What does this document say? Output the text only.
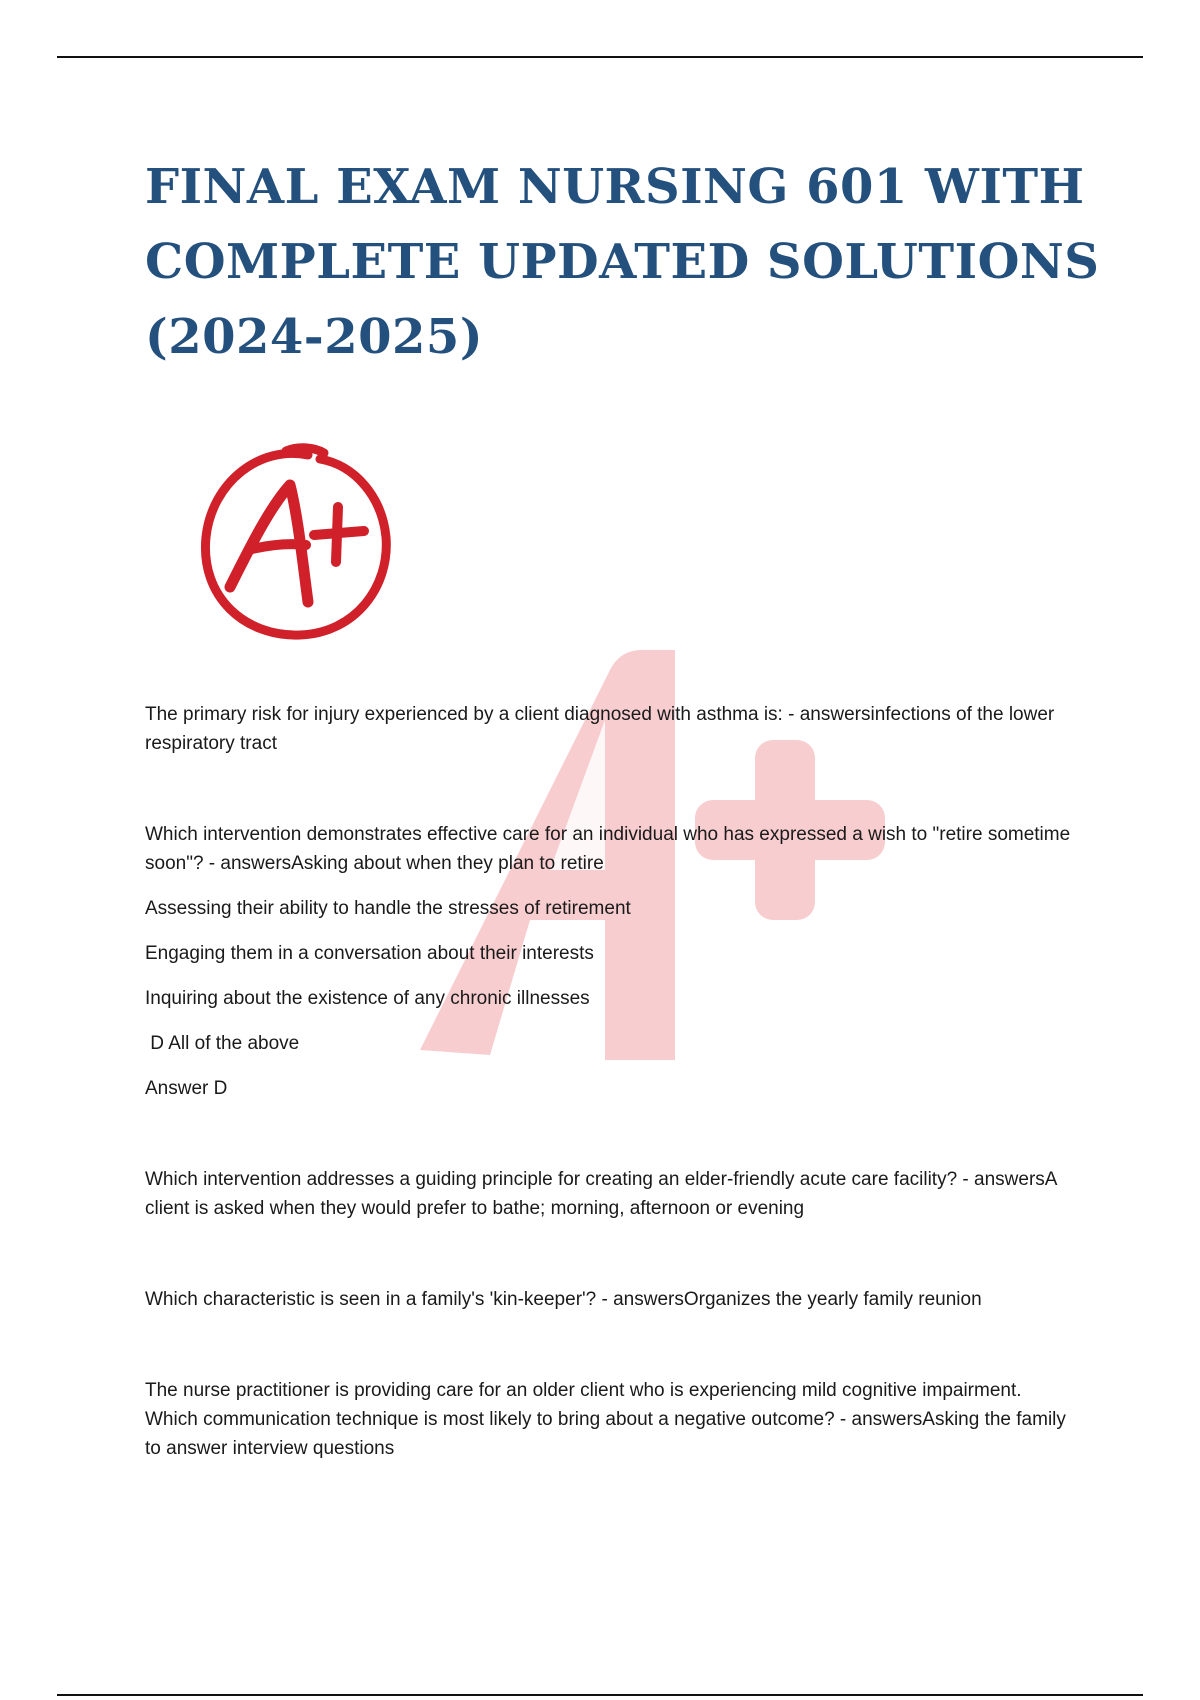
FINAL EXAM NURSING 601 WITH
COMPLETE UPDATED SOLUTIONS
(2024-2025)

The primary risk for injury experienced by a client diagnosed with asthma is: - answersinfections of the lower respiratory tract

Which intervention demonstrates effective care for an individual who has expressed a wish to "retire sometime soon"? - answersAsking about when they plan to retire

Assessing their ability to handle the stresses of retirement

Engaging them in a conversation about their interests

Inquiring about the existence of any chronic illnesses

D All of the above

Answer D

Which intervention addresses a guiding principle for creating an elder-friendly acute care facility? - answersA client is asked when they would prefer to bathe; morning, afternoon or evening

Which characteristic is seen in a family's 'kin-keeper'? - answersOrganizes the yearly family reunion

The nurse practitioner is providing care for an older client who is experiencing mild cognitive impairment. Which communication technique is most likely to bring about a negative outcome? - answersAsking the family to answer interview questions
